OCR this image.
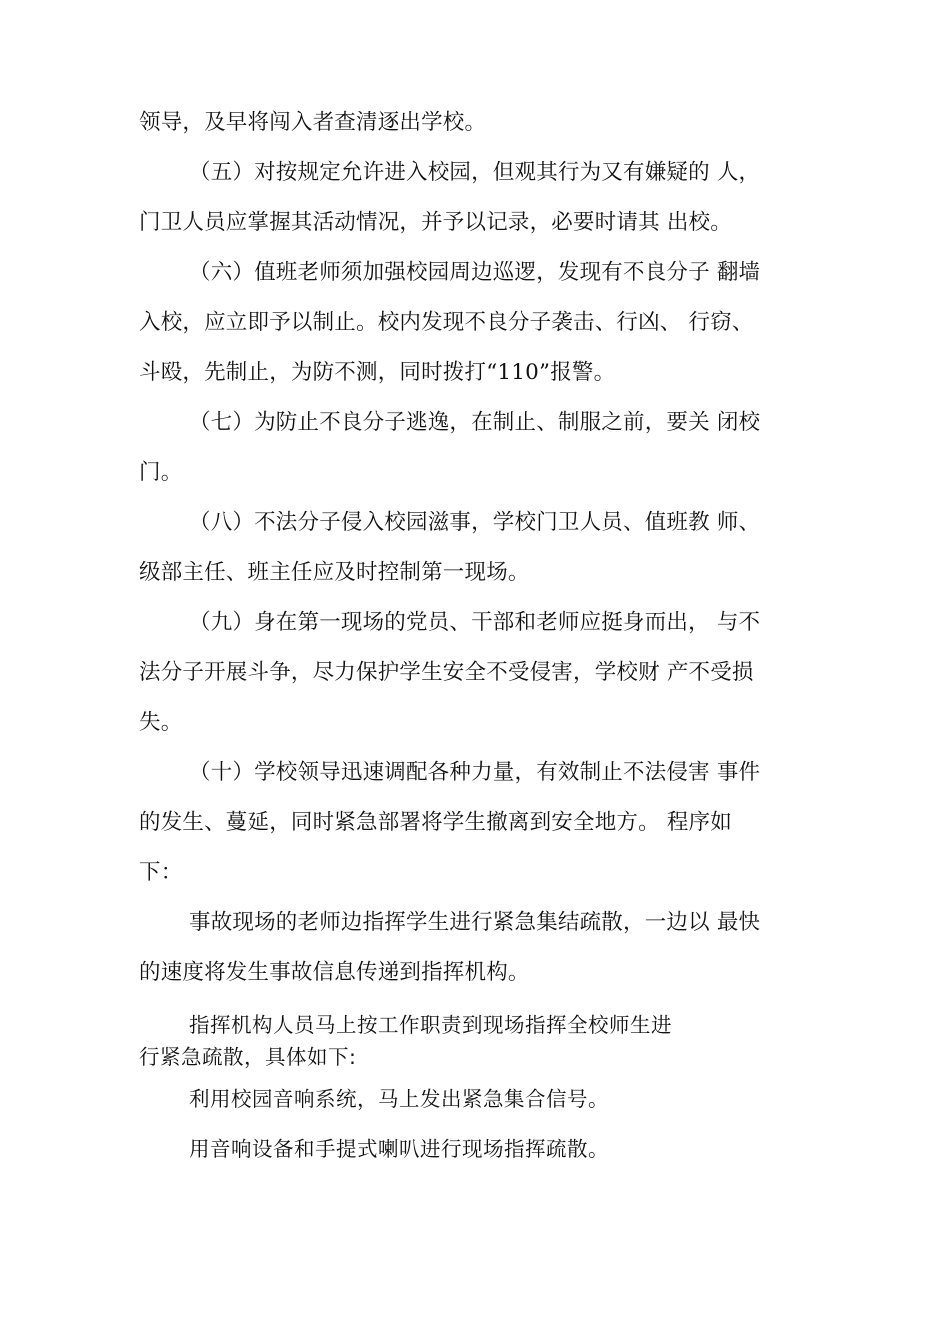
领导，及早将闯入者查清逐出学校。
（五）对按规定允许进入校园，但观其行为又有嫌疑的 人，
门卫人员应掌握其活动情况，并予以记录，必要时请其 出校。
（六）值班老师须加强校园周边巡逻，发现有不良分子 翻墙
入校，应立即予以制止。校内发现不良分子袭击、行凶、 行窃、
斗殴，先制止，为防不测，同时拨打“110”报警。
（七）为防止不良分子逃逸，在制止、制服之前，要关 闭校
门。
（八）不法分子侵入校园滋事，学校门卫人员、值班教 师、
级部主任、班主任应及时控制第一现场。
（九）身在第一现场的党员、干部和老师应挺身而出， 与不
法分子开展斗争，尽力保护学生安全不受侵害，学校财 产不受损
失。
（十）学校领导迅速调配各种力量，有效制止不法侵害 事件
的发生、蔓延，同时紧急部署将学生撤离到安全地方。 程序如
下：
事故现场的老师边指挥学生进行紧急集结疏散，一边以 最快
的速度将发生事故信息传递到指挥机构。
指挥机构人员马上按工作职责到现场指挥全校师生进
行紧急疏散，具体如下:
利用校园音响系统，马上发出紧急集合信号。
用音响设备和手提式喇叭进行现场指挥疏散。
